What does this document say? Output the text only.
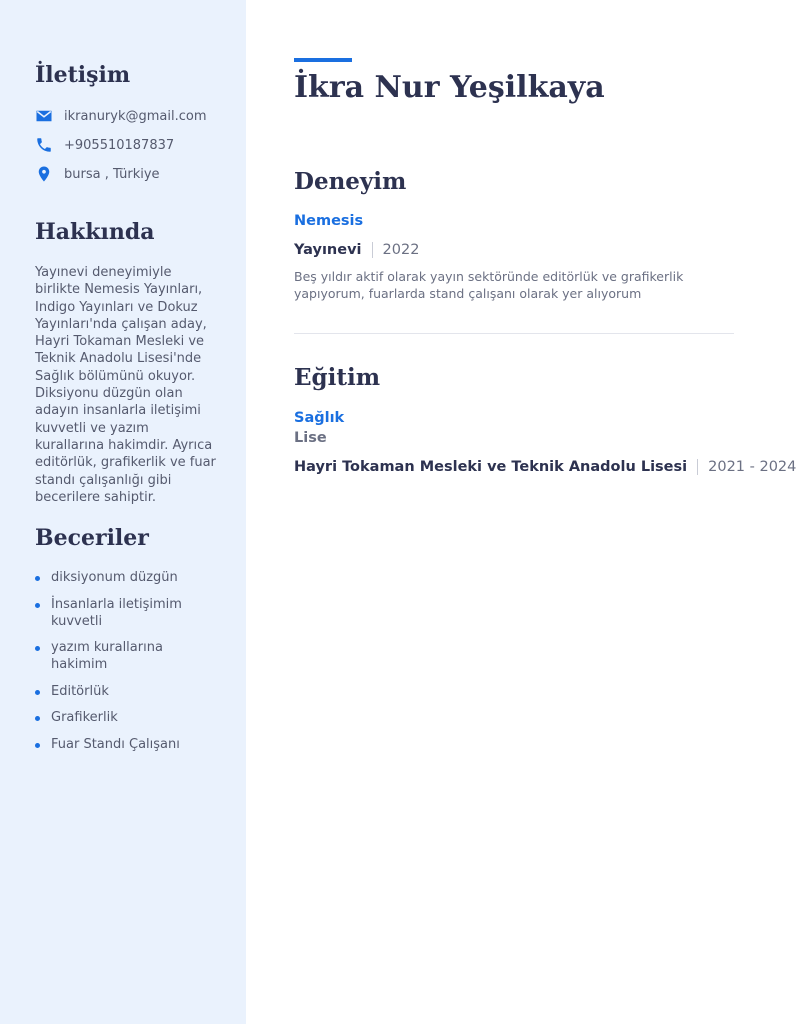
İletişim
ikranuryk@gmail.com
+905510187837
bursa , Türkiye
Hakkında

Yayınevi deneyimiyle birlikte Nemesis Yayınları, Indigo Yayınları ve Dokuz Yayınları'nda çalışan aday, Hayri Tokaman Mesleki ve Teknik Anadolu Lisesi'nde Sağlık bölümünü okuyor. Diksiyonu düzgün olan adayın insanlarla iletişimi kuvvetli ve yazım kurallarına hakimdir. Ayrıca editörlük, grafikerlik ve fuar standı çalışanlığı gibi becerilere sahiptir.

Beceriler
diksiyonum düzgün
İnsanlarla iletişimim kuvvetli
yazım kurallarına hakimim
Editörlük
Grafikerlik
Fuar Standı Çalışanı
İkra Nur Yeşilkaya
Deneyim
Nemesis
Yayınevi 2022

Beş yıldır aktif olarak yayın sektöründe editörlük ve grafikerlik yapıyorum, fuarlarda stand çalışanı olarak yer alıyorum

Eğitim
Sağlık
Lise
Hayri Tokaman Mesleki ve Teknik Anadolu Lisesi 2021 - 2024
